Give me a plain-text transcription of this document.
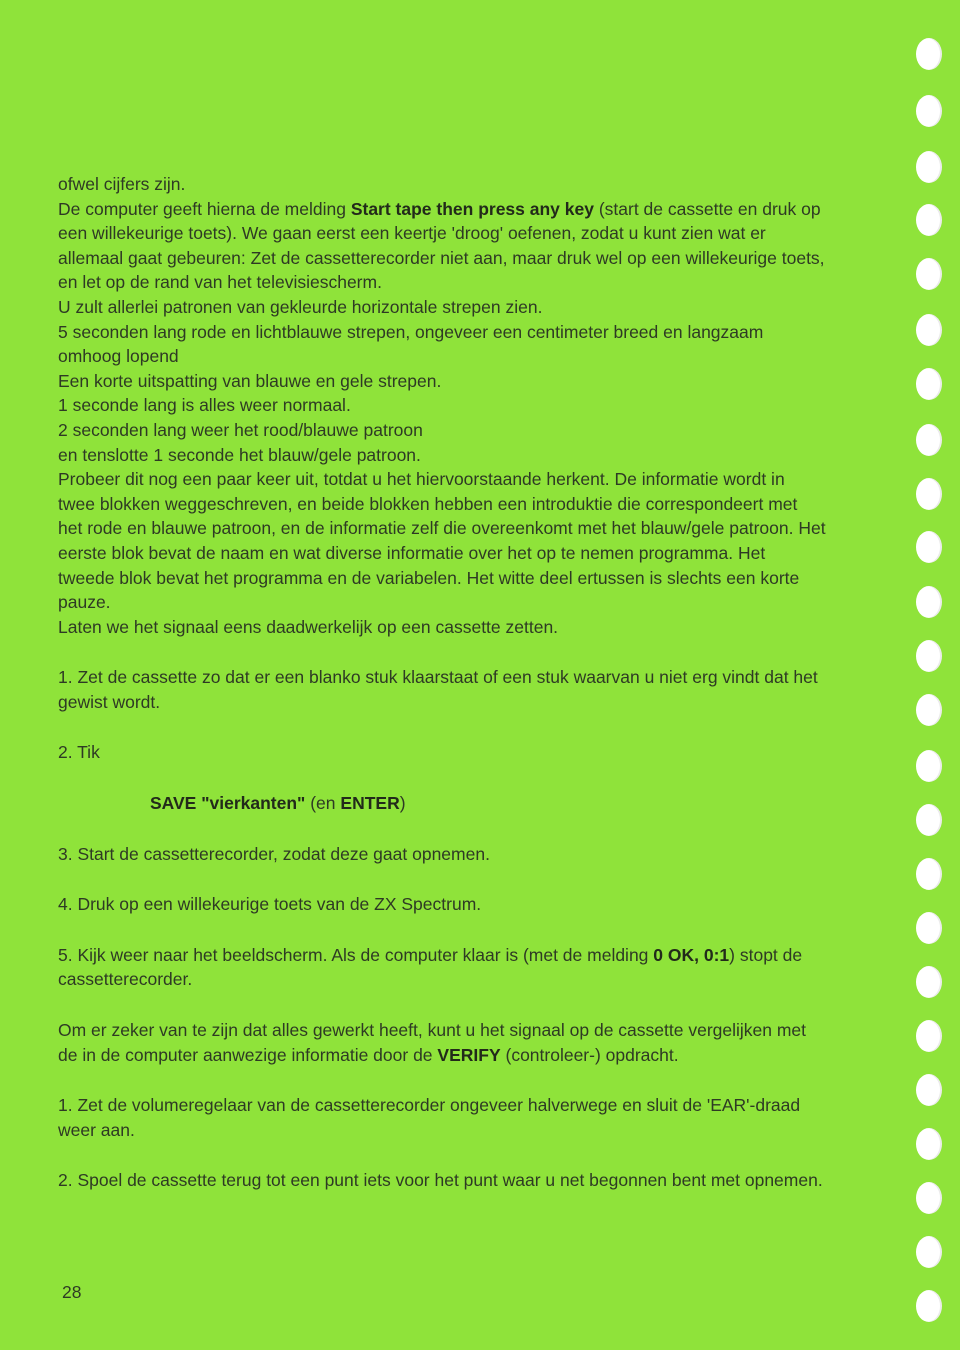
ofwel cijfers zijn.

De computer geeft hierna de melding Start tape then press any key (start de cassette en druk op een willekeurige toets). We gaan eerst een keertje 'droog' oefenen, zodat u kunt zien wat er allemaal gaat gebeuren: Zet de cassetterecorder niet aan, maar druk wel op een willekeurige toets, en let op de rand van het televisiescherm.

U zult allerlei patronen van gekleurde horizontale strepen zien.

5 seconden lang rode en lichtblauwe strepen, ongeveer een centimeter breed en langzaam omhoog lopend

Een korte uitspatting van blauwe en gele strepen.

1 seconde lang is alles weer normaal.

2 seconden lang weer het rood/blauwe patroon

en tenslotte 1 seconde het blauw/gele patroon.

Probeer dit nog een paar keer uit, totdat u het hiervoorstaande herkent. De informatie wordt in twee blokken weggeschreven, en beide blokken hebben een introduktie die correspondeert met het rode en blauwe patroon, en de informatie zelf die overeenkomt met het blauw/gele patroon. Het eerste blok bevat de naam en wat diverse informatie over het op te nemen programma. Het tweede blok bevat het programma en de variabelen. Het witte deel ertussen is slechts een korte pauze.

Laten we het signaal eens daadwerkelijk op een cassette zetten.

1. Zet de cassette zo dat er een blanko stuk klaarstaat of een stuk waarvan u niet erg vindt dat het gewist wordt.

2. Tik

SAVE "vierkanten" (en ENTER)

3. Start de cassetterecorder, zodat deze gaat opnemen.

4. Druk op een willekeurige toets van de ZX Spectrum.

5. Kijk weer naar het beeldscherm. Als de computer klaar is (met de melding 0 OK, 0:1) stopt de cassetterecorder.

Om er zeker van te zijn dat alles gewerkt heeft, kunt u het signaal op de cassette vergelijken met de in de computer aanwezige informatie door de VERIFY (controleer-) opdracht.

1. Zet de volumeregelaar van de cassetterecorder ongeveer halverwege en sluit de 'EAR'-draad weer aan.

2. Spoel de cassette terug tot een punt iets voor het punt waar u net begonnen bent met opnemen.

28
